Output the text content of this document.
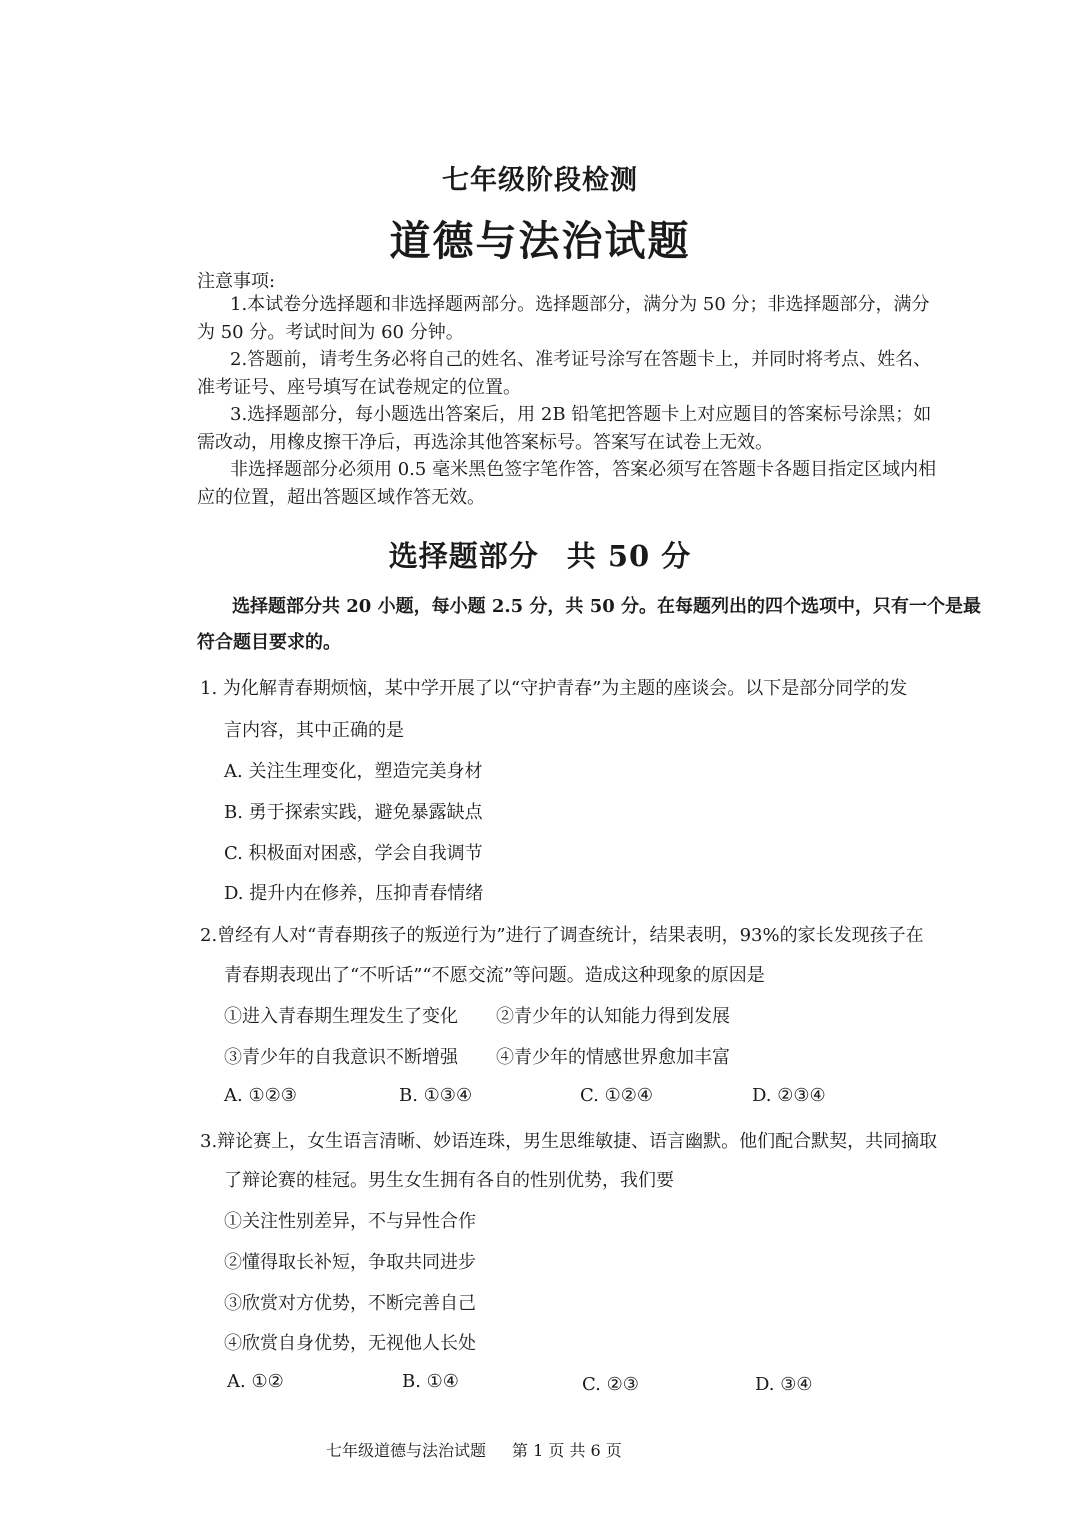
七年级阶段检测
道德与法治试题
注意事项:
1.本试卷分选择题和非选择题两部分。选择题部分，满分为 50 分；非选择题部分，满分
为 50 分。考试时间为 60 分钟。
2.答题前，请考生务必将自己的姓名、准考证号涂写在答题卡上，并同时将考点、姓名、
准考证号、座号填写在试卷规定的位置。
3.选择题部分，每小题选出答案后，用 2B 铅笔把答题卡上对应题目的答案标号涂黑；如
需改动，用橡皮擦干净后，再选涂其他答案标号。答案写在试卷上无效。
非选择题部分必须用 0.5 毫米黑色签字笔作答，答案必须写在答题卡各题目指定区域内相
应的位置，超出答题区域作答无效。
选择题部分 共 50 分
选择题部分共 20 小题，每小题 2.5 分，共 50 分。在每题列出的四个选项中，只有一个是最
符合题目要求的。
1. 为化解青春期烦恼，某中学开展了以“守护青春”为主题的座谈会。以下是部分同学的发
言内容，其中正确的是
A. 关注生理变化，塑造完美身材
B. 勇于探索实践，避免暴露缺点
C. 积极面对困惑，学会自我调节
D. 提升内在修养，压抑青春情绪
2.曾经有人对“青春期孩子的叛逆行为”进行了调查统计，结果表明，93%的家长发现孩子在
青春期表现出了“不听话”“不愿交流”等问题。造成这种现象的原因是
①进入青春期生理发生了变化 ②青少年的认知能力得到发展
③青少年的自我意识不断增强 ④青少年的情感世界愈加丰富
A. ①②③	B. ①③④	C. ①②④	D. ②③④
3.辩论赛上，女生语言清晰、妙语连珠，男生思维敏捷、语言幽默。他们配合默契，共同摘取
了辩论赛的桂冠。男生女生拥有各自的性别优势，我们要
①关注性别差异，不与异性合作
②懂得取长补短，争取共同进步
③欣赏对方优势，不断完善自己
④欣赏自身优势，无视他人长处
A. ①②	B. ①④	C. ②③	D. ③④
七年级道德与法治试题 第 1 页 共 6 页
